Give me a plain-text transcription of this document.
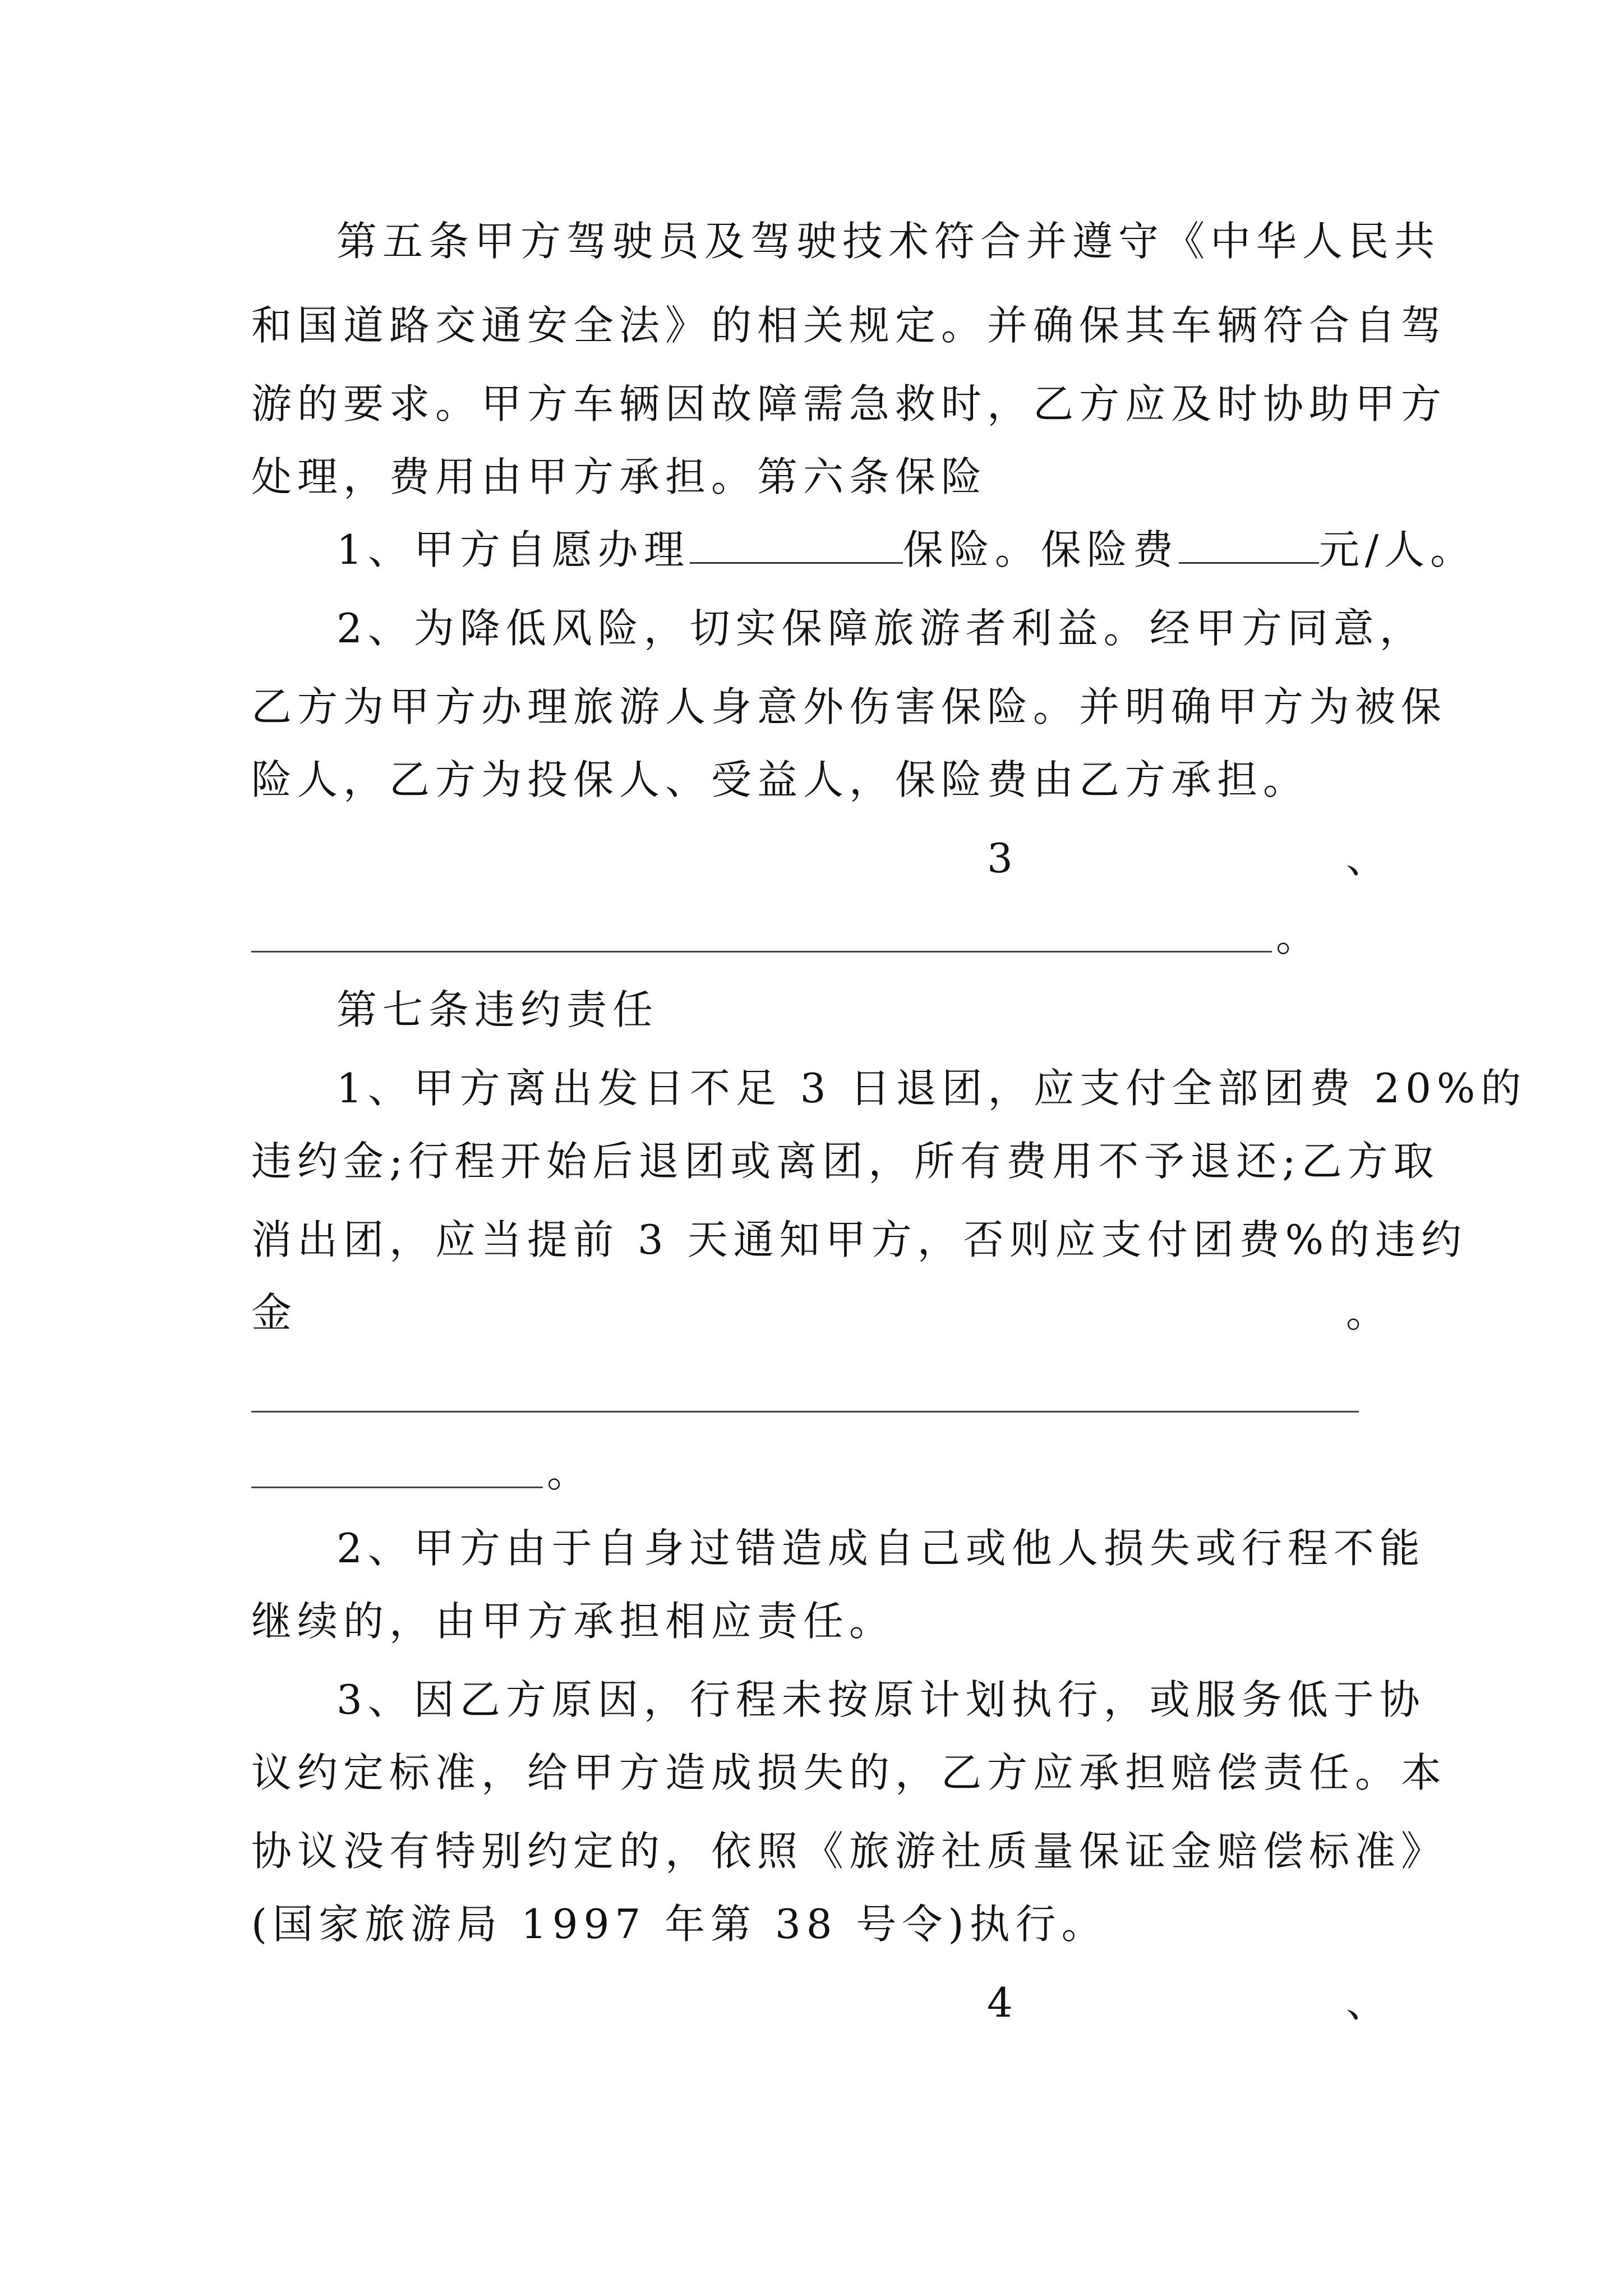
第五条甲方驾驶员及驾驶技术符合并遵守《中华人民共
和国道路交通安全法》的相关规定。并确保其车辆符合自驾
游的要求。甲方车辆因故障需急救时，乙方应及时协助甲方
处理，费用由甲方承担。第六条保险
1、甲方自愿办理	保险。保险费	元/人。
2、为降低风险，切实保障旅游者利益。经甲方同意，
乙方为甲方办理旅游人身意外伤害保险。并明确甲方为被保
险人，乙方为投保人、受益人，保险费由乙方承担。
3	、
。
第七条违约责任
1、甲方离出发日不足 3 日退团，应支付全部团费 20%的
违约金;行程开始后退团或离团，所有费用不予退还;乙方取
消出团，应当提前 3 天通知甲方，否则应支付团费%的违约
金	。
。
2、甲方由于自身过错造成自己或他人损失或行程不能
继续的，由甲方承担相应责任。
3、因乙方原因，行程未按原计划执行，或服务低于协
议约定标准，给甲方造成损失的，乙方应承担赔偿责任。本
协议没有特别约定的，依照《旅游社质量保证金赔偿标准》
(国家旅游局 1997 年第 38 号令)执行。
4	、
